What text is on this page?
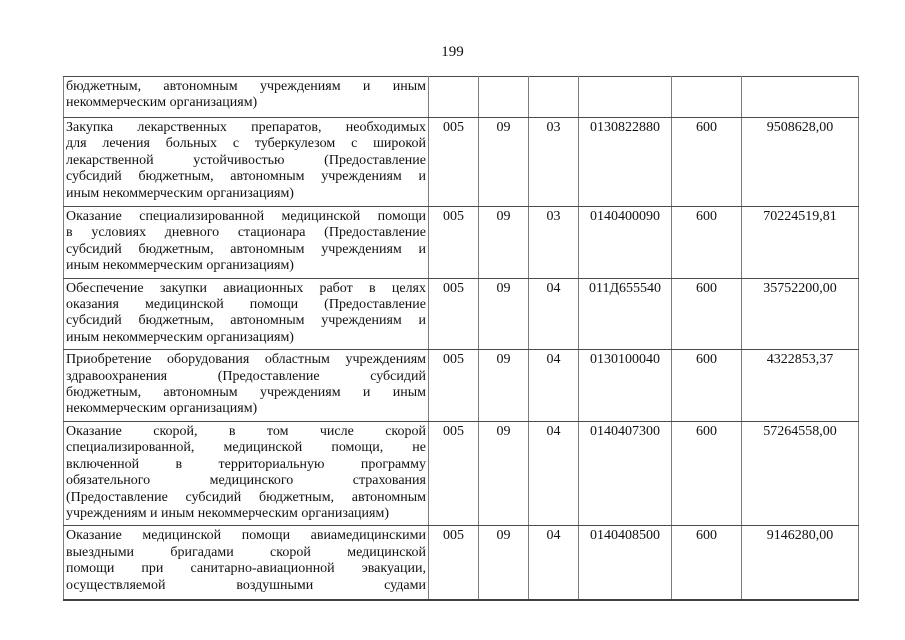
199
бюджетным, автономным учреждениям и иным
некоммерческим организациям)						

Закупка лекарственных препаратов, необходимых
для лечения больных с туберкулезом с широкой
лекарственной устойчивостью (Предоставление
субсидий бюджетным, автономным учреждениям и
иным некоммерческим организациям)	005	09	03	0130822880	600	9508628,00

Оказание специализированной медицинской помощи
в условиях дневного стационара (Предоставление
субсидий бюджетным, автономным учреждениям и
иным некоммерческим организациям)	005	09	03	0140400090	600	70224519,81

Обеспечение закупки авиационных работ в целях
оказания медицинской помощи (Предоставление
субсидий бюджетным, автономным учреждениям и
иным некоммерческим организациям)	005	09	04	011Д655540	600	35752200,00

Приобретение оборудования областным учреждениям
здравоохранения (Предоставление субсидий
бюджетным, автономным учреждениям и иным
некоммерческим организациям)	005	09	04	0130100040	600	4322853,37

Оказание скорой, в том числе скорой
специализированной, медицинской помощи, не
включенной в территориальную программу
обязательного медицинского страхования
(Предоставление субсидий бюджетным, автономным
учреждениям и иным некоммерческим организациям)
	005	09	04	0140407300	600	57264558,00

Оказание медицинской помощи авиамедицинскими
выездными бригадами скорой медицинской
помощи при санитарно-авиационной эвакуации,
осуществляемой воздушными судами	005	09	04	0140408500	600	9146280,00
